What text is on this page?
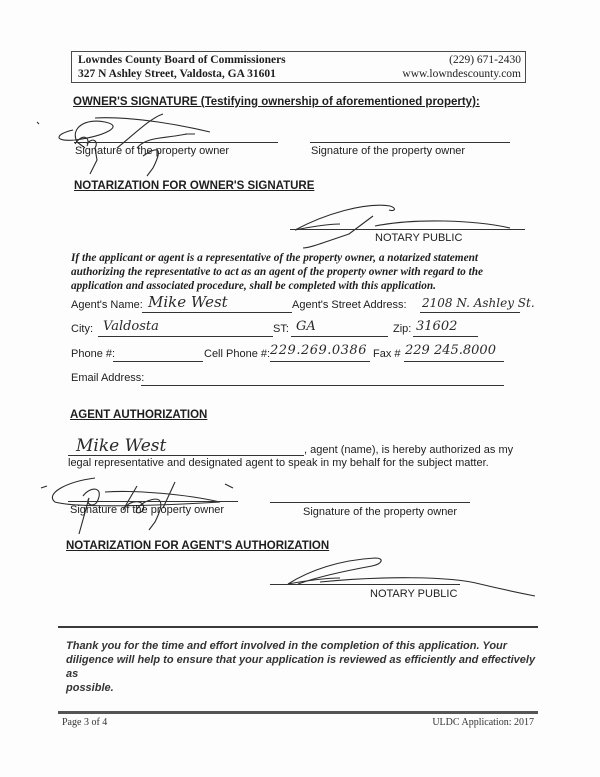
Lowndes County Board of Commissioners	(229) 671-2430
327 N Ashley Street, Valdosta, GA 31601	www.lowndescounty.com
OWNER'S SIGNATURE (Testifying ownership of aforementioned property):
Signature of the property owner	Signature of the property owner
NOTARIZATION FOR OWNER'S SIGNATURE
NOTARY PUBLIC
If the applicant or agent is a representative of the property owner, a notarized statement
authorizing the representative to act as an agent of the property owner with regard to the
application and associated procedure, shall be completed with this application.
Agent's Name: Mike West	Agent's Street Address: 2108 N. Ashley St.
City: Valdosta	ST: GA	Zip: 31602
Phone #:	Cell Phone #: 229.269.0386 Fax # 229 245.8000
Email Address:
AGENT AUTHORIZATION
Mike West	, agent (name), is hereby authorized as my
legal representative and designated agent to speak in my behalf for the subject matter.
Signature of the property owner	Signature of the property owner
NOTARIZATION FOR AGENT'S AUTHORIZATION
NOTARY PUBLIC
Thank you for the time and effort involved in the completion of this application. Your
diligence will help to ensure that your application is reviewed as efficiently and effectively as
possible.
Page 3 of 4	ULDC Application: 2017
